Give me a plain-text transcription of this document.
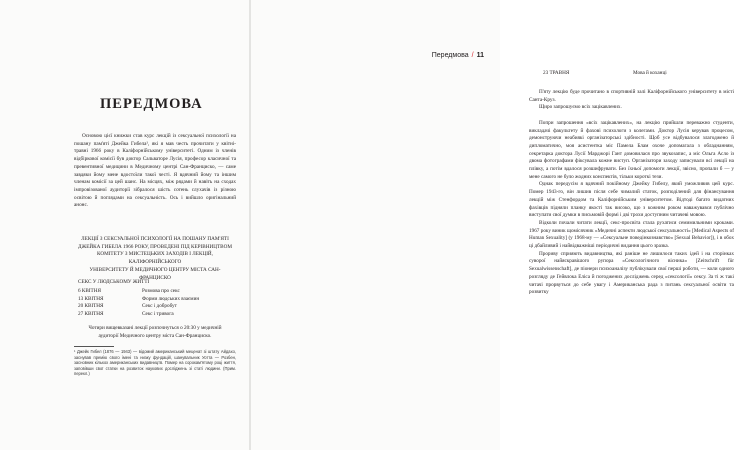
ПЕРЕДМОВА

Основою цієї книжки став курс лекцій із сексуальної психології на пошану пам'яті Джейка Гибела¹, які я мав честь прочитати у квітні-травні 1966 року в Каліфорнійському університеті. Одним із членів відбіркової комісії був доктор Сальваторе Лусія, професор класичної та превентивної медицини в Медичному центрі Сан-Франциско, — саме завдяки йому мене вдостоїли такої честі. Я вдячний йому та іншим членам комісії за цей шанс. На місцях, між рядами й навіть на сходах імпровізованої аудиторії зібралося шість сотень слухачів із різною освітою й поглядами на сексуальність. Ось і вийшло оригінальний анонс.

ЛЕКЦІЇ З СЕКСУАЛЬНОЇ ПСИХОЛОГІЇ НА ПОШАНУ ПАМ'ЯТІ

ДЖЕЙКА ГИБЕЛА 1966 РОКУ, ПРОВЕДЕНІ ПІД КЕРІВНИЦТВОМ

КОМІТЕТУ З МИСТЕЦЬКИХ ЗАХОДІВ І ЛЕКЦІЙ, КАЛІФОРНІЙСЬКОГО

УНІВЕРСИТЕТУ Й МЕДИЧНОГО ЦЕНТРУ МІСТА САН-ФРАНЦИСКО

СЕКС У ЛЮДСЬКОМУ ЖИТТІ

6 КВІТНЯ	Розмова про секс
13 КВІТНЯ	Форми людських взаємин
20 КВІТНЯ	Секс і добробут
27 КВІТНЯ	Секс і тривога

Чотири вищевказані лекції розпочнуться о 20:30 у медичній

аудиторії Медичного центру міста Сан-Франциско.

¹ Джейк Гибел (1876 — 1943) — відомий американський меценат зі штату Айдахо, заснував премію свого імені та низку фундацій, шанувальник Уотта — Розбен, засновник кількох американських видавництв. Помер на сорокам'ятому році життя, заповівши свої статки на розвиток наукових досліджень зі статі людини. (Прим. перекл.)

Передмова / 11

23 ТРАВНЯ	Мова й коханці

П'яту лекцію буде прочитано в спортивній залі Каліфорнійського університету в місті Санта-Круз.

Щиро запрошуємо всіх зацікавлених.

Попри запрошення «всіх зацікавлених», на лекцію прийшли переважно студенти, викладачі факультету й фахові психологи з колегами. Доктор Лусія керував процесом, демонструючи неабиякі організаторські здібності. Щоб усе відбувалося злагоджено й дипломатично, моя асистентка міс Памела Блам охоче допомагала з обладнанням, секретарка доктора Лусії Марджорі Гант домовилася про звукозапис, а міс Ольга Асло із двома фотографами фіксувала кожне виступ. Організатори заходу записували всі лекції на плівку, а потім вдалося розшифрувати. Без їхньої допомоги лекції, звісно, пропали б — у мене самого не було жодних конспектів, тільки короткі тези.

Однак передусім я вдячний покійному Джейку Гибелу, який уможливив цей курс. Помер 1943-го, він лишив після себе чималий статок, розподілений для фінансування лекцій між Стенфордом та Каліфорнійським університетом. Відтоді багато видатних фахівців підняли планку якості так високо, що з кожним роком наважувався публічно виступати свої думки в письмовій формі і дві трохи доступним читачеві мовою.

Відколи почали читати лекції, секс-просвіта стала рухатися семимильними кроками. 1967 року виник щомісячник «Медичні аспекти людської сексуальності» [Medical Aspects of Human Sexuality] (у 1968-му — «Сексуальне поведінкознавство» [Sexual Behavior]), і в обох ці дбайливий і найвідважніші періодичні видання цього зразка.

Прориву сприяють видавництва, які раніше не лишилося таких ідей і на сторінках суворої найяскравішого рупора «Сексологічного вісника» [Zeitschrift für Sexualwissenschaft], де піонери психоаналізу публікували свої перші роботи, — коли одного розгляду де Гейвлока Еліса й погоджених досліджень серед «сексології» сексу. За ті ж такі читачі прорвуться до себе увагу і Американська рада з питань сексуальної освіти та розвитку
